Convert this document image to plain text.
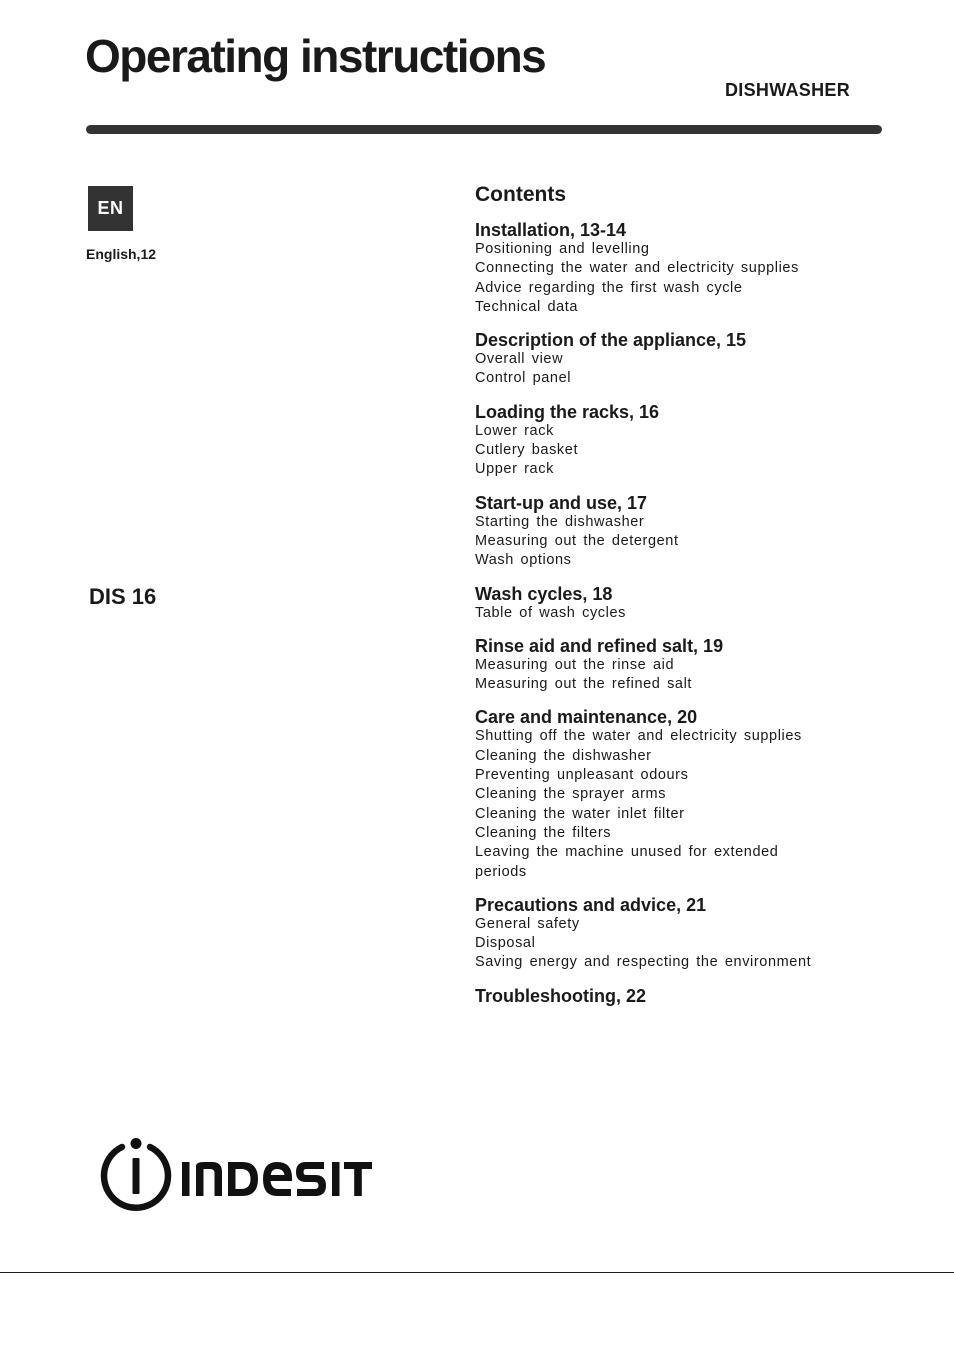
Operating instructions
DISHWASHER
EN
English,12
DIS 16
Contents
Installation, 13-14
Positioning and levelling
Connecting the water and electricity supplies
Advice regarding the first wash cycle
Technical data
Description of the appliance, 15
Overall view
Control panel
Loading the racks, 16
Lower rack
Cutlery basket
Upper rack
Start-up and use, 17
Starting the dishwasher
Measuring out the detergent
Wash options
Wash cycles, 18
Table of wash cycles
Rinse aid and refined salt, 19
Measuring out the rinse aid
Measuring out the refined salt
Care and maintenance, 20
Shutting off the water and electricity supplies
Cleaning the dishwasher
Preventing unpleasant odours
Cleaning the sprayer arms
Cleaning the water inlet filter
Cleaning the filters
Leaving the machine unused for extended
periods
Precautions and advice, 21
General safety
Disposal
Saving energy and respecting the environment
Troubleshooting, 22
